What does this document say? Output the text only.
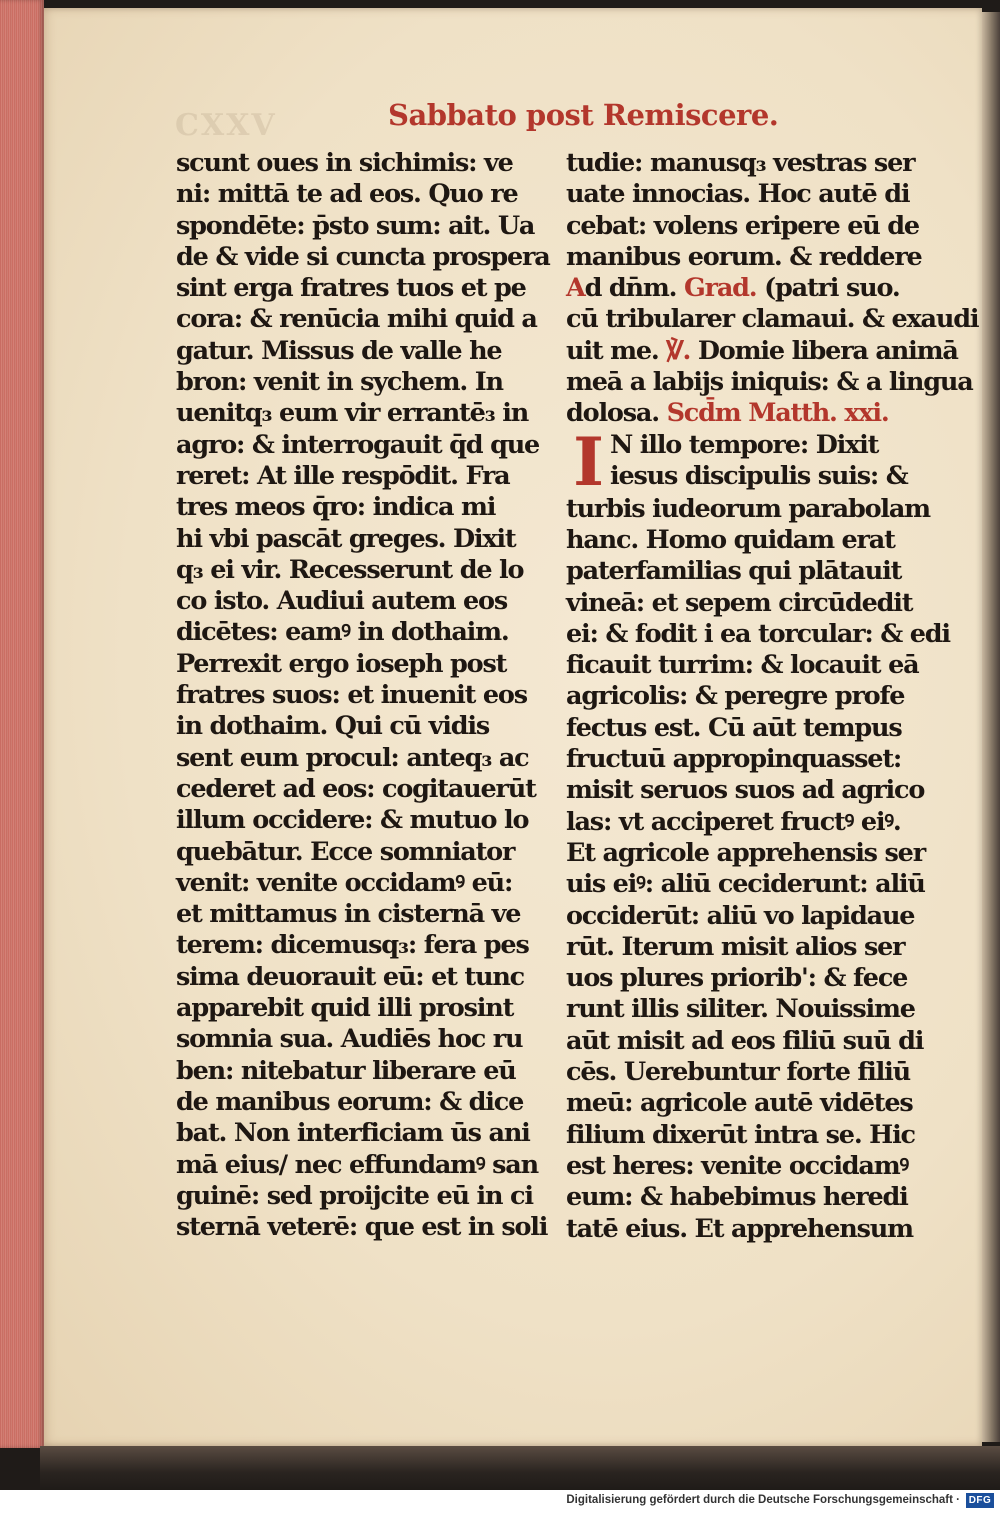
CXXV	Sabbato post Remiscere.
scunt oues in sichimis: ve
ni: mittā te ad eos. Quo re
spondēte: p̄sto sum: ait. Ua
de & vide si cuncta prospera
sint erga fratres tuos et pe
cora: & renūcia mihi quid a
gatur. Missus de valle he
bron: venit in sychem. In
uenitq₃ eum vir errantē₃ in
agro: & interrogauit q̄d que
reret: At ille respōdit. Fra
tres meos q̄ro: indica mi
hi vbi pascāt greges. Dixit
q₃ ei vir. Recesserunt de lo
co isto. Audiui autem eos
dicētes: eamꝰ in dothaim.
Perrexit ergo ioseph post
fratres suos: et inuenit eos
in dothaim. Qui cū vidis
sent eum procul: anteq₃ ac
cederet ad eos: cogitauerūt
illum occidere: & mutuo lo
quebātur. Ecce somniator
venit: venite occidamꝰ eū:
et mittamus in cisternā ve
terem: dicemusq₃: fera pes
sima deuorauit eū: et tunc
apparebit quid illi prosint
somnia sua. Audiēs hoc ru
ben: nitebatur liberare eū
de manibus eorum: & dice
bat. Non interficiam ūs ani
mā eius/ nec effundamꝰ san
guinē: sed proijcite eū in ci
sternā veterē: que est in soli
tudie: manusq₃ vestras ser
uate innocias. Hoc autē di
cebat: volens eripere eū de
manibus eorum. & reddere
Ad dn̄m. Grad. (patri suo.
cū tribularer clamaui. & exaudi
uit me. ℣. Domie libera animā
meā a labijs iniquis: & a lingua
dolosa. Scd̄m Matth. xxi.
I N illo tempore: Dixit
iesus discipulis suis: &
turbis iudeorum parabolam
hanc. Homo quidam erat
paterfamilias qui plātauit
vineā: et sepem circūdedit
ei: & fodit i ea torcular: & edi
ficauit turrim: & locauit eā
agricolis: & peregre profe
fectus est. Cū aūt tempus
fructuū appropinquasset:
misit seruos suos ad agrico
las: vt acciperet fructꝰ eiꝰ.
Et agricole apprehensis ser
uis eiꝰ: aliū ceciderunt: aliū
occiderūt: aliū vo lapidaue
rūt. Iterum misit alios ser
uos plures priorib': & fece
runt illis siliter. Nouissime
aūt misit ad eos filiū suū di
cēs. Uerebuntur forte filiū
meū: agricole autē vidētes
filium dixerūt intra se. Hic
est heres: venite occidamꝰ
eum: & habebimus heredi
tatē eius. Et apprehensum
Digitalisierung gefördert durch die Deutsche Forschungsgemeinschaft · DFG
